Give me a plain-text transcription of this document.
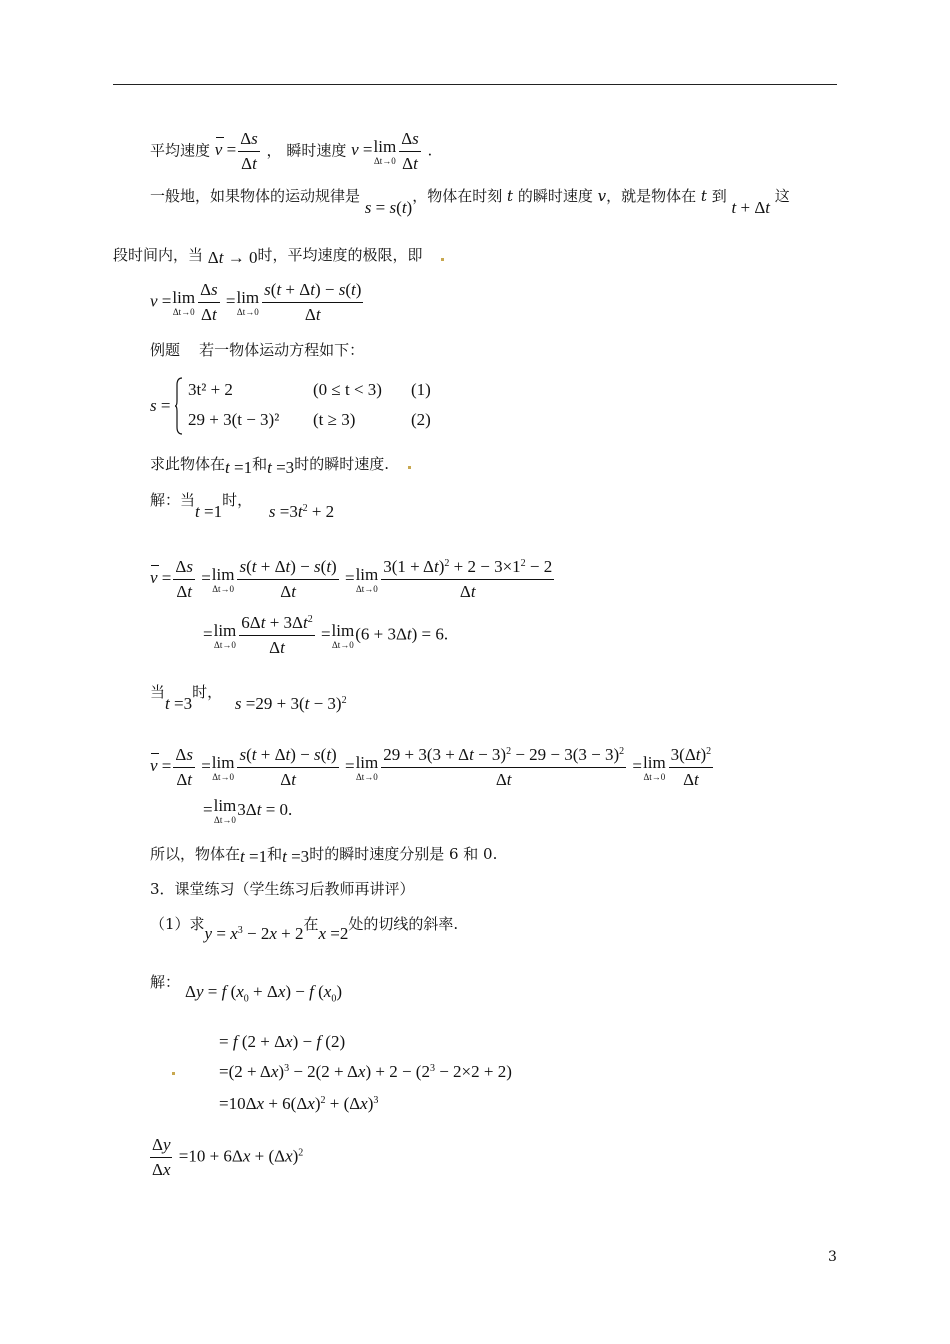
平均速度 $v = \frac{\Delta s}{\Delta t}$ ， 瞬时速度 v = lim
$\Delta t\to 0 \frac{\Delta s}{\Delta t}$ .
一般地，如果物体的运动规律是 s = s(t)，物体在时刻 t 的瞬时速度 v，就是物体在 t 到 t + Δt 这
段时间内，当 Δt → 0时，平均速度的极限，即
v = lim
$\Delta t\to 0 \frac{\Delta s}{\Delta t} = \lim$
$\Delta t\to 0 \frac{s(t + \Delta t) - s(t)}{\Delta t}$
例题 若一物体运动方程如下：
s =
3t² + 2	(0 ≤ t < 3) (1)
29 + 3(t − 3)² (t ≥ 3)	(2)
求此物体在t =1和t =3时的瞬时速度.
解：当t =1时， $s =3t^2 + 2$
$v = \frac{\Delta s}{\Delta t} = \lim$
$\Delta t\to 0 \frac{s(t + \Delta t) - s(t)}{\Delta t} = \lim$
$\Delta t\to 0 \frac{3(1 + \Delta t)^2 + 2 - 3\times 1^2 - 2}{\Delta t}$
= lim
$\Delta t\to 0 \frac{6\Delta t + 3\Delta t^2}{\Delta t} = \lim$
Δt→0
(6 + 3Δt) = 6.
当t =3时， $s =29 + 3(t - 3)^2$
$v = \frac{\Delta s}{\Delta t} = \lim$
$\Delta t\to 0 \frac{s(t + \Delta t) - s(t)}{\Delta t} = \lim$
$\Delta t\to 0 \frac{29 + 3(3 + \Delta t - 3)^2 - 29 - 3(3 - 3)^2}{\Delta t} = \lim$
$\Delta t\to 0 \frac{3(\Delta t)^2}{\Delta t}$
= lim
Δt→0
3Δt = 0.
所以，物体在t =1和t =3时的瞬时速度分别是 6 和 0.
3．课堂练习（学生练习后教师再讲评）
（1）求$y = x^3 - 2x + 2$在x =2处的切线的斜率.
解： Δy = f $(x_0 + \Delta x) - f$ $(x_0)$
= f (2 + Δx) − f (2)
$=(2 + \Delta x)^3 - 2(2 + \Delta x) + 2 - (2^3 - 2\times 2 + 2)$
$=10\Delta x + 6(\Delta x)^2 + (\Delta x)^3$
$\frac{\Delta y}{\Delta x} =10 + 6\Delta x + (\Delta x)^2$
3
